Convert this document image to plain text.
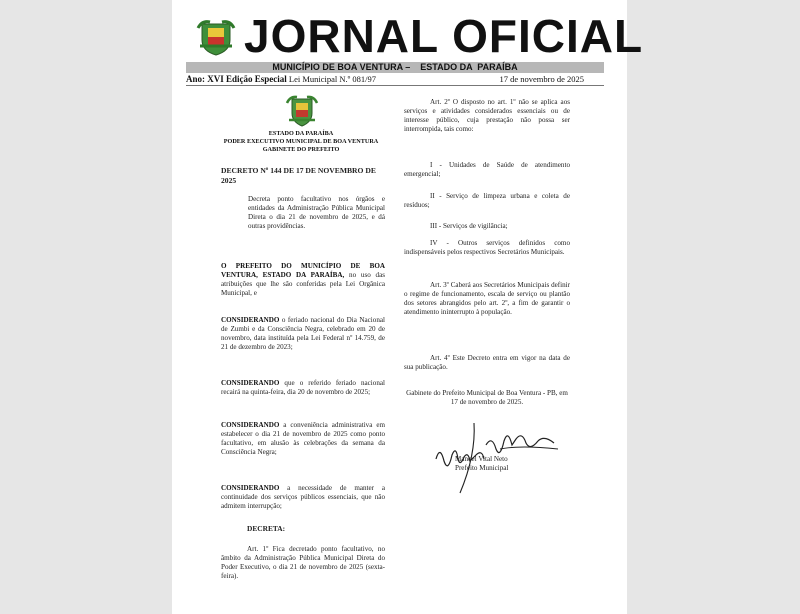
JORNAL OFICIAL
MUNICÍPIO DE BOA VENTURA –    ESTADO DA  PARAÍBA
Ano: XVI Edição Especial Lei Municipal N.º 081/97	17 de novembro de 2025
ESTADO DA PARAÍBA
PODER EXECUTIVO MUNICIPAL DE BOA VENTURA
GABINETE DO PREFEITO

DECRETO Nº 144 DE 17 DE NOVEMBRO DE 2025

Decreta ponto facultativo nos órgãos e entidades da Administração Pública Municipal Direta o dia 21 de novembro de 2025, e dá outras providências.

O PREFEITO DO MUNICÍPIO DE BOA VENTURA, ESTADO DA PARAÍBA, no uso das atribuições que lhe são conferidas pela Lei Orgânica Municipal, e

CONSIDERANDO o feriado nacional do Dia Nacional de Zumbi e da Consciência Negra, celebrado em 20 de novembro, data instituída pela Lei Federal nº 14.759, de 21 de dezembro de 2023;

CONSIDERANDO que o referido feriado nacional recairá na quinta-feira, dia 20 de novembro de 2025;

CONSIDERANDO a conveniência administrativa em estabelecer o dia 21 de novembro de 2025 como ponto facultativo, em alusão às celebrações da semana da Consciência Negra;

CONSIDERANDO a necessidade de manter a continuidade dos serviços públicos essenciais, que não admitem interrupção;

DECRETA:

Art. 1º Fica decretado ponto facultativo, no âmbito da Administração Pública Municipal Direta do Poder Executivo, o dia 21 de novembro de 2025 (sexta-feira).

Art. 2º O disposto no art. 1º não se aplica aos serviços e atividades considerados essenciais ou de interesse público, cuja prestação não possa ser interrompida, tais como:

I - Unidades de Saúde de atendimento emergencial;

II - Serviço de limpeza urbana e coleta de resíduos;

III - Serviços de vigilância;

IV - Outros serviços definidos como indispensáveis pelos respectivos Secretários Municipais.

Art. 3º Caberá aos Secretários Municipais definir o regime de funcionamento, escala de serviço ou plantão dos setores abrangidos pelo art. 2º, a fim de garantir o atendimento ininterrupto à população.

Art. 4º Este Decreto entra em vigor na data de sua publicação.

Gabinete do Prefeito Municipal de Boa Ventura - PB, em 17 de novembro de 2025.

Manoel Vital Neto

Prefeito Municipal
